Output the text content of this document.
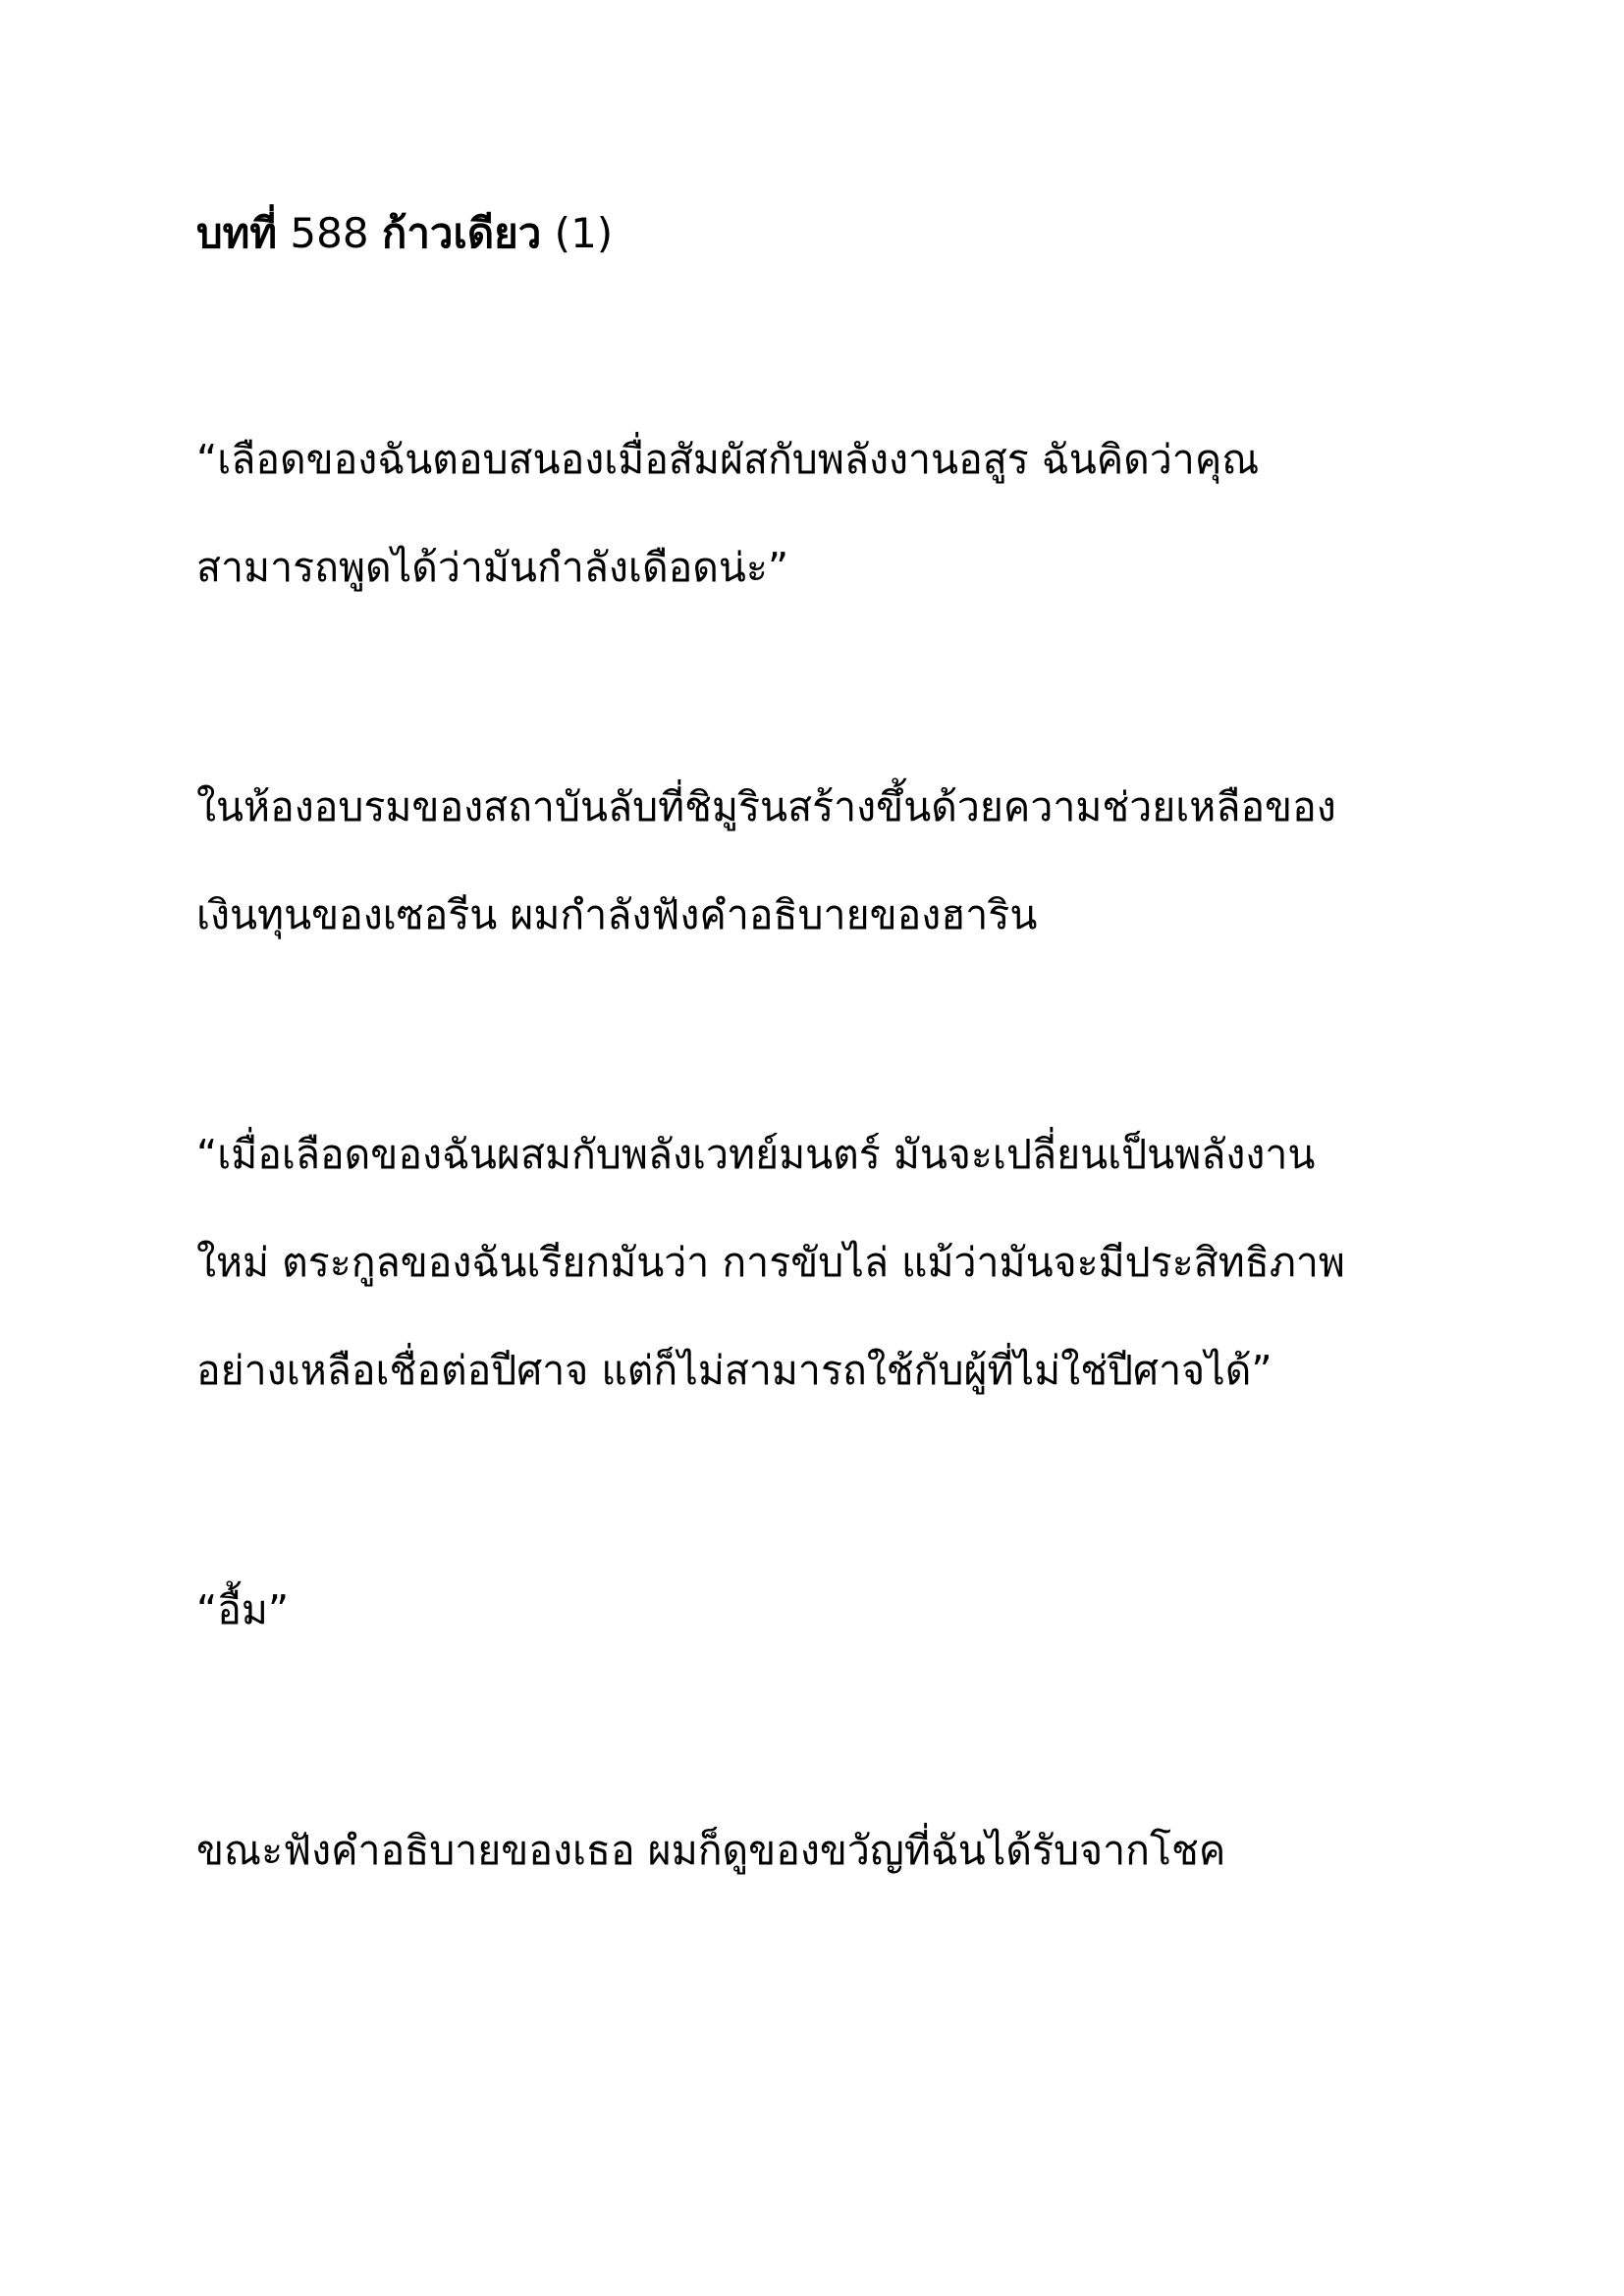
บทที่ 588 ก้าวเดียว (1)
“เลือดของฉันตอบสนองเมื่อสัมผัสกับพลังงานอสูร ฉันคิดว่าคุณ
สามารถพูดได้ว่ามันกำลังเดือดน่ะ”
ในห้องอบรมของสถาบันลับที่ชิมูรินสร้างขึ้นด้วยความช่วยเหลือของ
เงินทุนของเซอรีน ผมกำลังฟังคำอธิบายของฮาริน
“เมื่อเลือดของฉันผสมกับพลังเวทย์มนตร์ มันจะเปลี่ยนเป็นพลังงาน
ใหม่ ตระกูลของฉันเรียกมันว่า การขับไล่ แม้ว่ามันจะมีประสิทธิภาพ
อย่างเหลือเชื่อต่อปีศาจ แต่ก็ไม่สามารถใช้กับผู้ที่ไม่ใช่ปีศาจได้”
“อื้ม”
ขณะฟังคำอธิบายของเธอ ผมก็ดูของขวัญที่ฉันได้รับจากโชค
